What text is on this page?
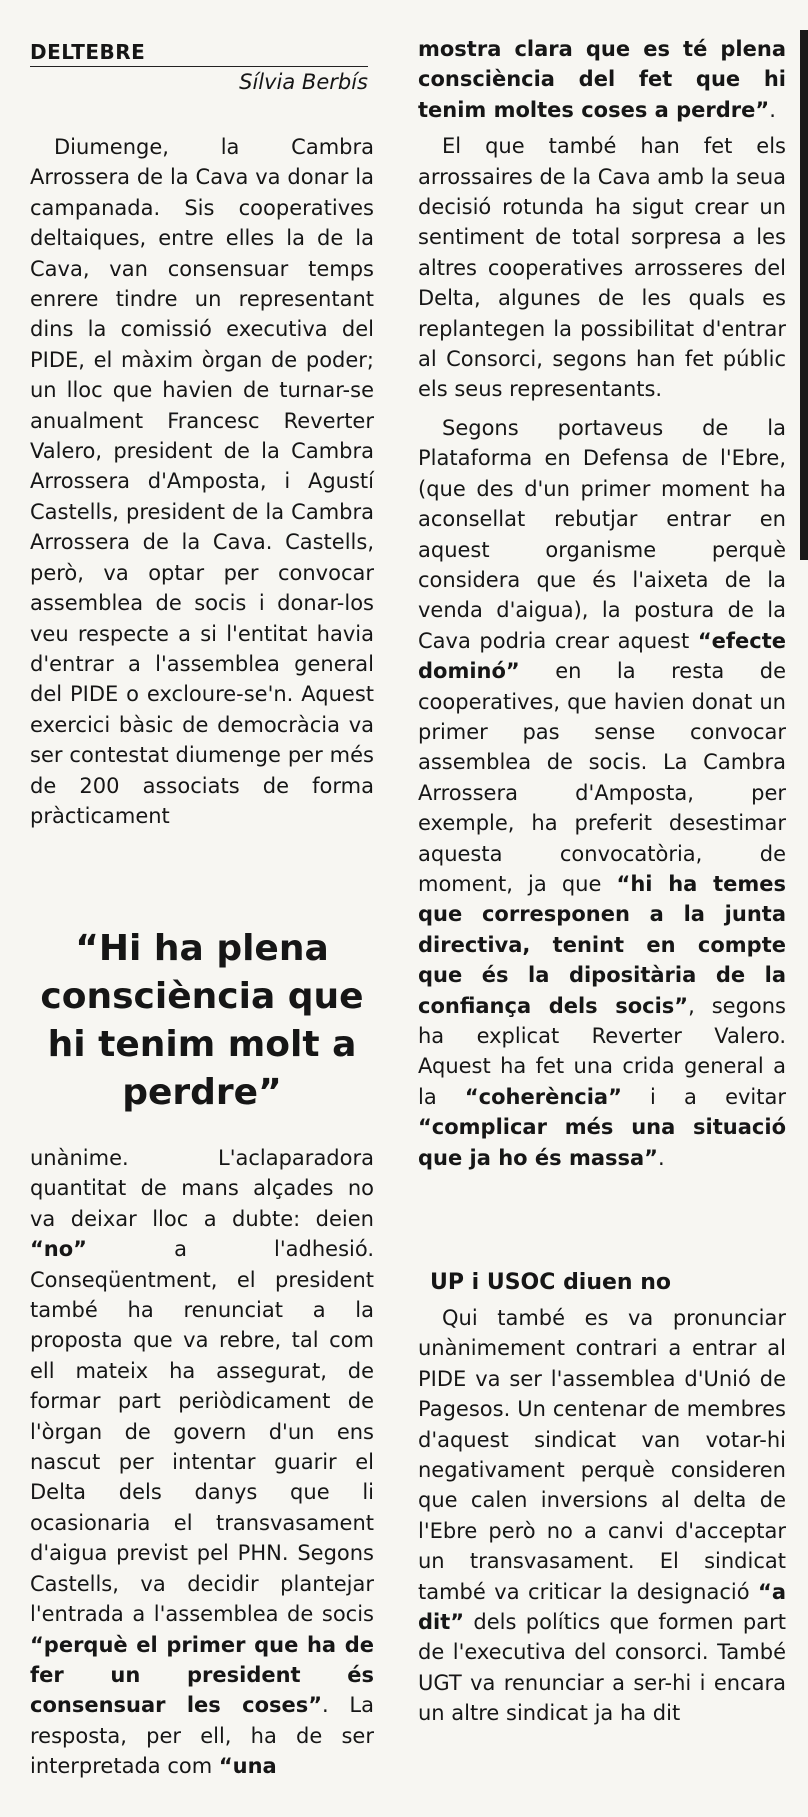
DELTEBRE
Sílvia Berbís

Diumenge, la Cambra Arrossera de la Cava va donar la campanada. Sis cooperatives deltaiques, entre elles la de la Cava, van consensuar temps enrere tindre un representant dins la comissió executiva del PIDE, el màxim òrgan de poder; un lloc que havien de turnar-se anualment Francesc Reverter Valero, president de la Cambra Arrossera d'Amposta, i Agustí Castells, president de la Cambra Arrossera de la Cava. Castells, però, va optar per convocar assemblea de socis i donar-los veu respecte a si l'entitat havia d'entrar a l'assemblea general del PIDE o excloure-se'n. Aquest exercici bàsic de democràcia va ser contestat diumenge per més de 200 associats de forma pràcticament

“Hi ha plena consciència que hi tenim molt a perdre”

unànime. L'aclaparadora quantitat de mans alçades no va deixar lloc a dubte: deien “no” a l'adhesió. Conseqüentment, el president també ha renunciat a la proposta que va rebre, tal com ell mateix ha assegurat, de formar part periòdicament de l'òrgan de govern d'un ens nascut per intentar guarir el Delta dels danys que li ocasionaria el transvasament d'aigua previst pel PHN. Segons Castells, va decidir plantejar l'entrada a l'assemblea de socis “perquè el primer que ha de fer un president és consensuar les coses”. La resposta, per ell, ha de ser interpretada com “una

mostra clara que es té plena consciència del fet que hi tenim moltes coses a perdre”.

El que també han fet els arrossaires de la Cava amb la seua decisió rotunda ha sigut crear un sentiment de total sorpresa a les altres cooperatives arrosseres del Delta, algunes de les quals es replantegen la possibilitat d'entrar al Consorci, segons han fet públic els seus representants.

Segons portaveus de la Plataforma en Defensa de l'Ebre, (que des d'un primer moment ha aconsellat rebutjar entrar en aquest organisme perquè considera que és l'aixeta de la venda d'aigua), la postura de la Cava podria crear aquest “efecte dominó” en la resta de cooperatives, que havien donat un primer pas sense convocar assemblea de socis. La Cambra Arrossera d'Amposta, per exemple, ha preferit desestimar aquesta convocatòria, de moment, ja que “hi ha temes que corresponen a la junta directiva, tenint en compte que és la dipositària de la confiança dels socis”, segons ha explicat Reverter Valero. Aquest ha fet una crida general a la “coherència” i a evitar “complicar més una situació que ja ho és massa”.

UP i USOC diuen no

Qui també es va pronunciar unànimement contrari a entrar al PIDE va ser l'assemblea d'Unió de Pagesos. Un centenar de membres d'aquest sindicat van votar-hi negativament perquè consideren que calen inversions al delta de l'Ebre però no a canvi d'acceptar un transvasament. El sindicat també va criticar la designació “a dit” dels polítics que formen part de l'executiva del consorci. També UGT va renunciar a ser-hi i encara un altre sindicat ja ha dit
